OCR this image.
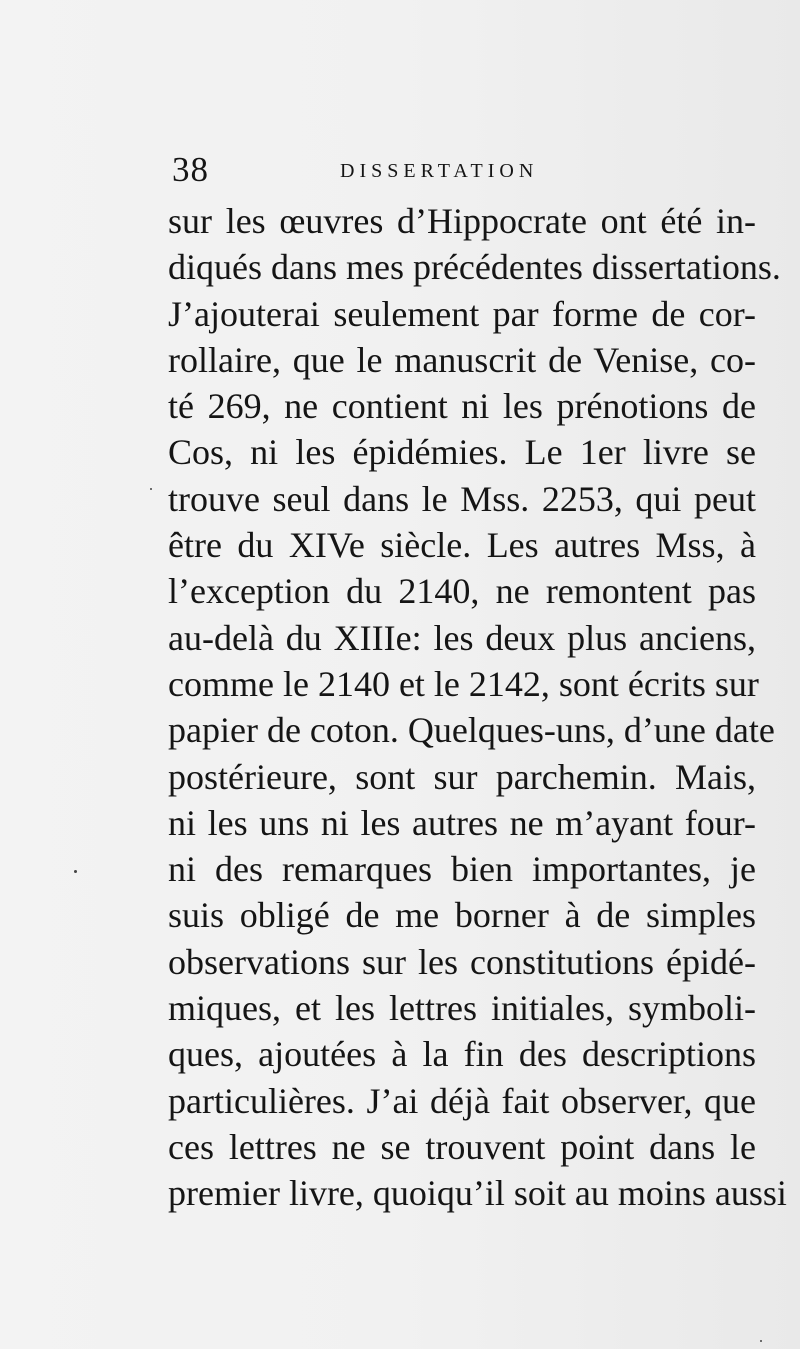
38	DISSERTATION
sur les œuvres d’Hippocrate ont été in-
diqués dans mes précédentes dissertations.
J’ajouterai seulement par forme de cor-
rollaire, que le manuscrit de Venise, co-
té 269, ne contient ni les prénotions de
Cos, ni les épidémies. Le 1er livre se
trouve seul dans le Mss. 2253, qui peut
être du XIVe siècle. Les autres Mss, à
l’exception du 2140, ne remontent pas
au-delà du XIIIe: les deux plus anciens,
comme le 2140 et le 2142, sont écrits sur
papier de coton. Quelques-uns, d’une date
postérieure, sont sur parchemin. Mais,
ni les uns ni les autres ne m’ayant four-
ni des remarques bien importantes, je
suis obligé de me borner à de simples
observations sur les constitutions épidé-
miques, et les lettres initiales, symboli-
ques, ajoutées à la fin des descriptions
particulières. J’ai déjà fait observer, que
ces lettres ne se trouvent point dans le
premier livre, quoiqu’il soit au moins aussi
